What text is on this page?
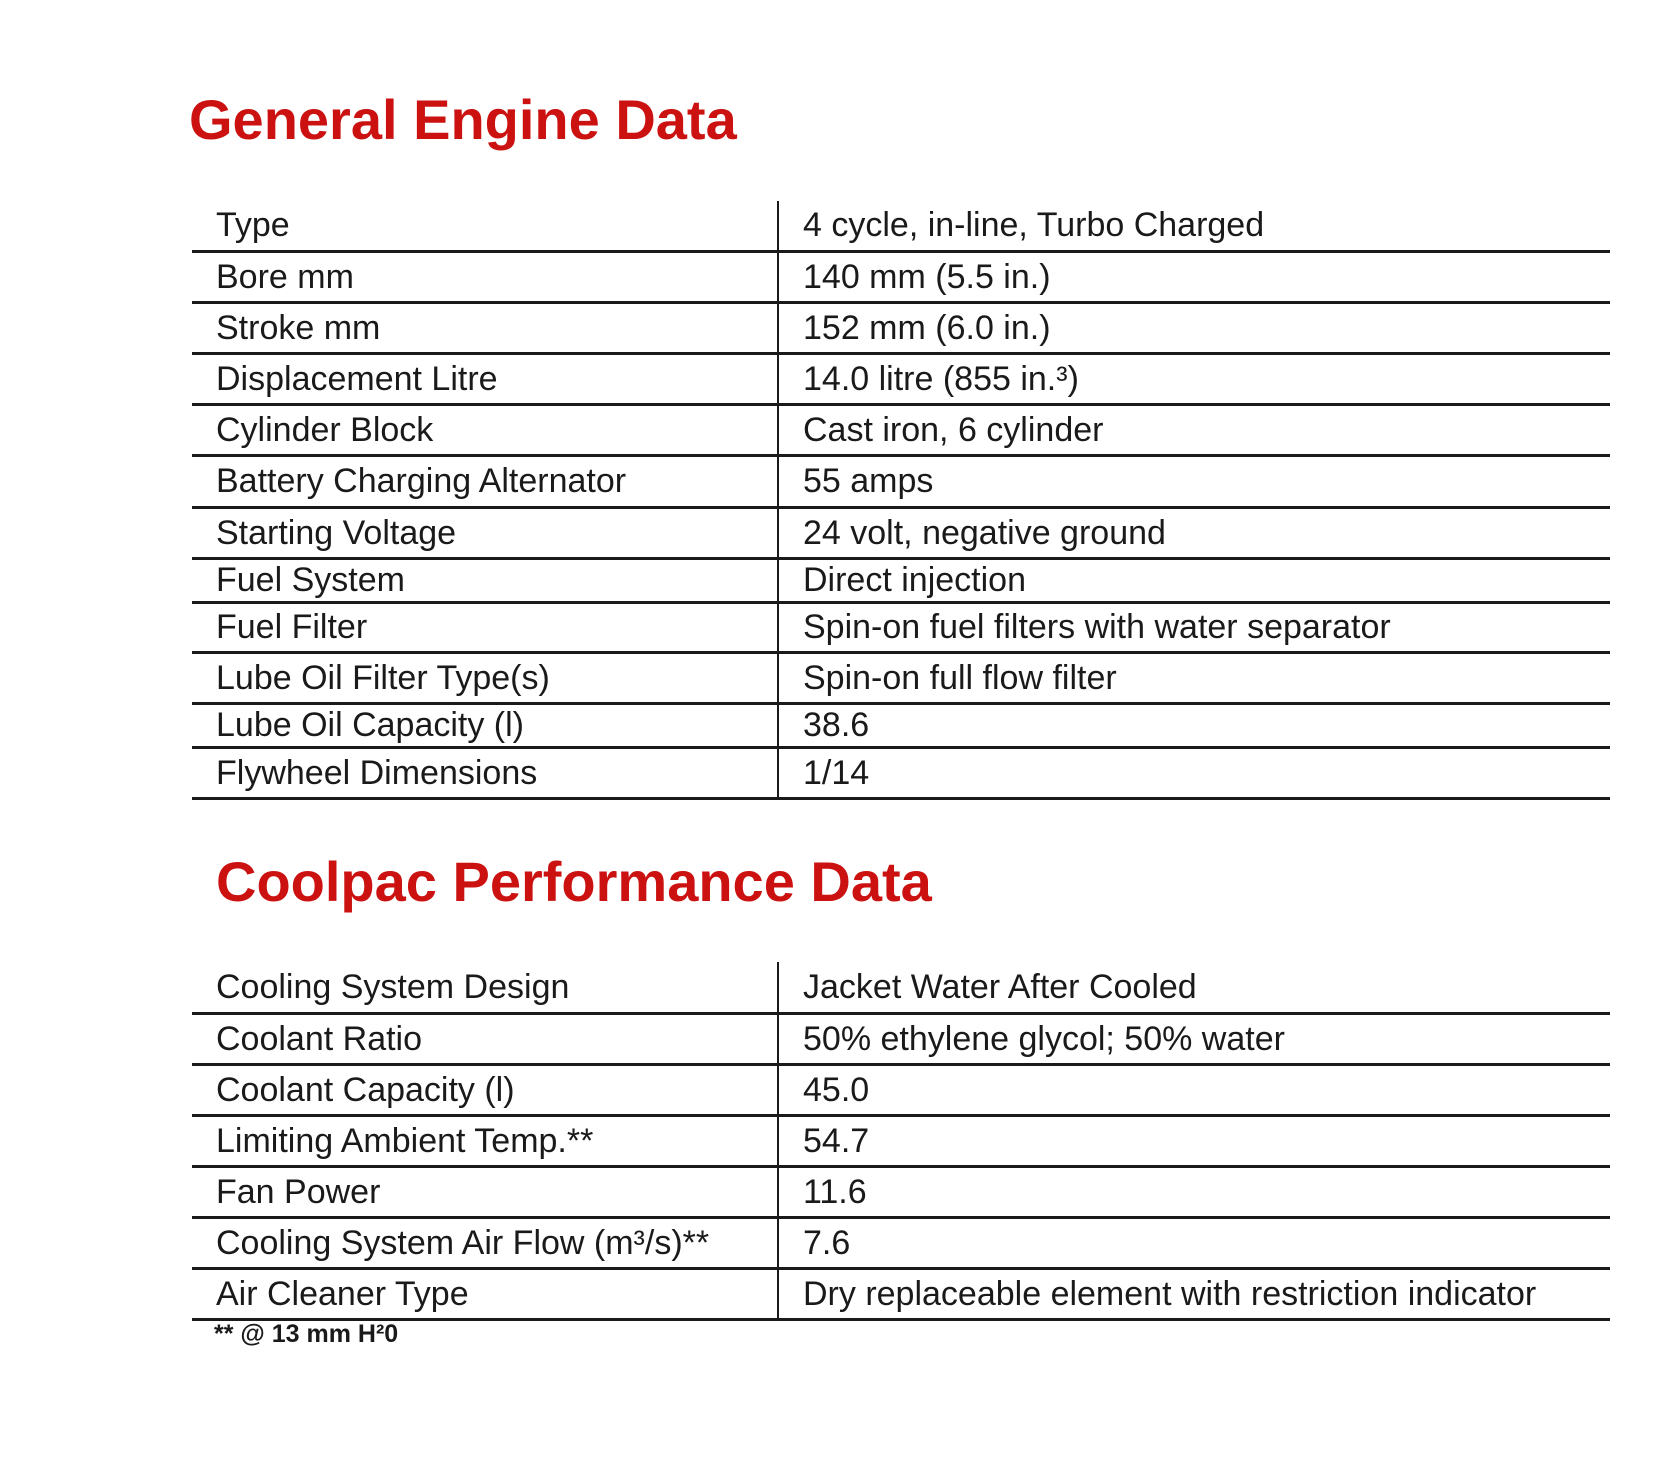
General Engine Data
Type	4 cycle, in-line, Turbo Charged
Bore mm	140 mm (5.5 in.)
Stroke mm	152 mm (6.0 in.)
Displacement Litre	14.0 litre (855 in.³)
Cylinder Block	Cast iron, 6 cylinder
Battery Charging Alternator	55 amps
Starting Voltage	24 volt, negative ground
Fuel System	Direct injection
Fuel Filter	Spin-on fuel filters with water separator
Lube Oil Filter Type(s)	Spin-on full flow filter
Lube Oil Capacity (l)	38.6
Flywheel Dimensions	1/14
Coolpac Performance Data
Cooling System Design	Jacket Water After Cooled
Coolant Ratio	50% ethylene glycol; 50% water
Coolant Capacity (l)	45.0
Limiting Ambient Temp.**	54.7
Fan Power	11.6
Cooling System Air Flow (m³/s)**	7.6
Air Cleaner Type	Dry replaceable element with restriction indicator

** @ 13 mm H²0
